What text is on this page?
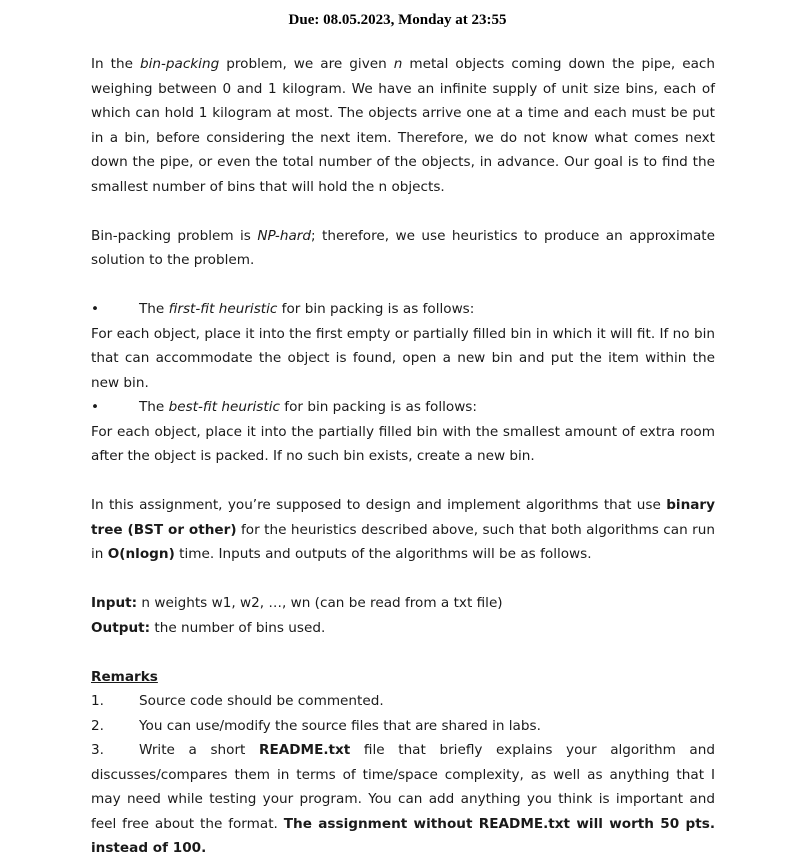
Due: 08.05.2023, Monday at 23:55

In the bin-packing problem, we are given n metal objects coming down the pipe, each weighing between 0 and 1 kilogram. We have an infinite supply of unit size bins, each of which can hold 1 kilogram at most. The objects arrive one at a time and each must be put in a bin, before considering the next item. Therefore, we do not know what comes next down the pipe, or even the total number of the objects, in advance. Our goal is to find the smallest number of bins that will hold the n objects.

Bin-packing problem is NP-hard; therefore, we use heuristics to produce an approximate solution to the problem.

•	The first-fit heuristic for bin packing is as follows:

For each object, place it into the first empty or partially filled bin in which it will fit. If no bin that can accommodate the object is found, open a new bin and put the item within the new bin.

•	The best-fit heuristic for bin packing is as follows:

For each object, place it into the partially filled bin with the smallest amount of extra room after the object is packed. If no such bin exists, create a new bin.

In this assignment, you’re supposed to design and implement algorithms that use binary tree (BST or other) for the heuristics described above, such that both algorithms can run in O(nlogn) time. Inputs and outputs of the algorithms will be as follows.

Input: n weights w1, w2, …, wn (can be read from a txt file)

Output: the number of bins used.

Remarks

1.	Source code should be commented.
2.	You can use/modify the source files that are shared in labs.

3.	Write a short README.txt file that briefly explains your algorithm and discusses/compares them in terms of time/space complexity, as well as anything that I may need while testing your program. You can add anything you think is important and feel free about the format. The assignment without README.txt will worth 50 pts. instead of 100.
